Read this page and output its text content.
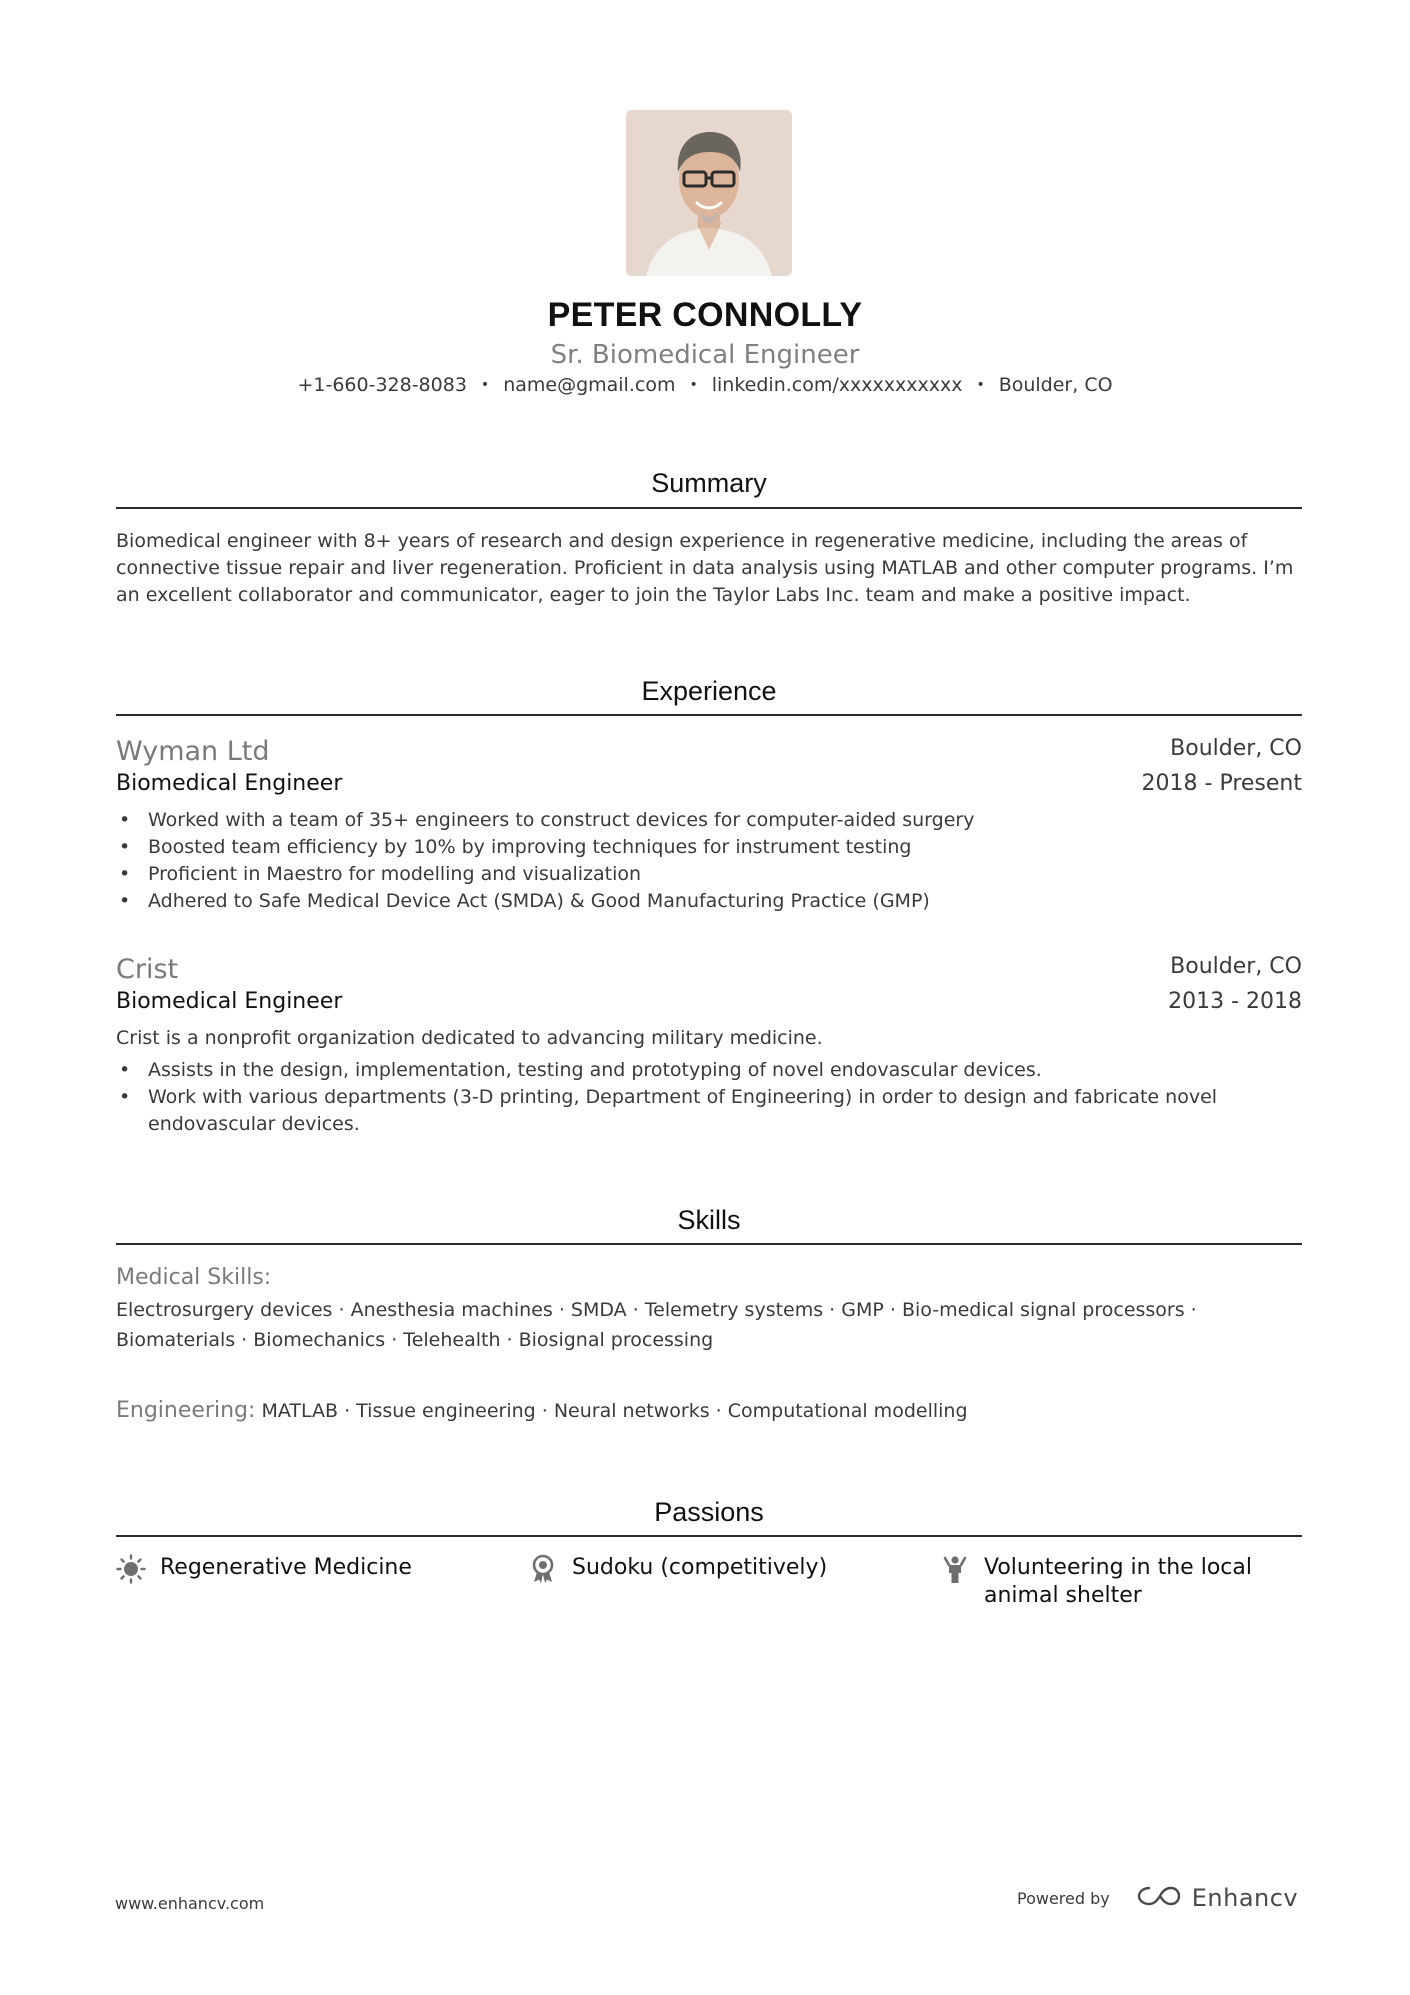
PETER CONNOLLY
Sr. Biomedical Engineer
+1-660-328-8083 • name@gmail.com • linkedin.com/xxxxxxxxxxx • Boulder, CO
Summary
Biomedical engineer with 8+ years of research and design experience in regenerative medicine, including the areas of connective tissue repair and liver regeneration. Proficient in data analysis using MATLAB and other computer programs. I’m an excellent collaborator and communicator, eager to join the Taylor Labs Inc. team and make a positive impact.
Experience
Wyman Ltd	Boulder, CO
Biomedical Engineer	2018 - Present
• Worked with a team of 35+ engineers to construct devices for computer-aided surgery
• Boosted team efficiency by 10% by improving techniques for instrument testing
• Proficient in Maestro for modelling and visualization
• Adhered to Safe Medical Device Act (SMDA) & Good Manufacturing Practice (GMP)
Crist	Boulder, CO
Biomedical Engineer	2013 - 2018
Crist is a nonprofit organization dedicated to advancing military medicine.
• Assists in the design, implementation, testing and prototyping of novel endovascular devices.
• Work with various departments (3-D printing, Department of Engineering) in order to design and fabricate novel endovascular devices.
Skills
Medical Skills:
Electrosurgery devices · Anesthesia machines · SMDA · Telemetry systems · GMP · Bio-medical signal processors · Biomaterials · Biomechanics · Telehealth · Biosignal processing
Engineering: MATLAB · Tissue engineering · Neural networks · Computational modelling
Passions
Regenerative Medicine	Sudoku (competitively)	Volunteering in the local animal shelter
www.enhancv.com	Powered by	Enhancv
